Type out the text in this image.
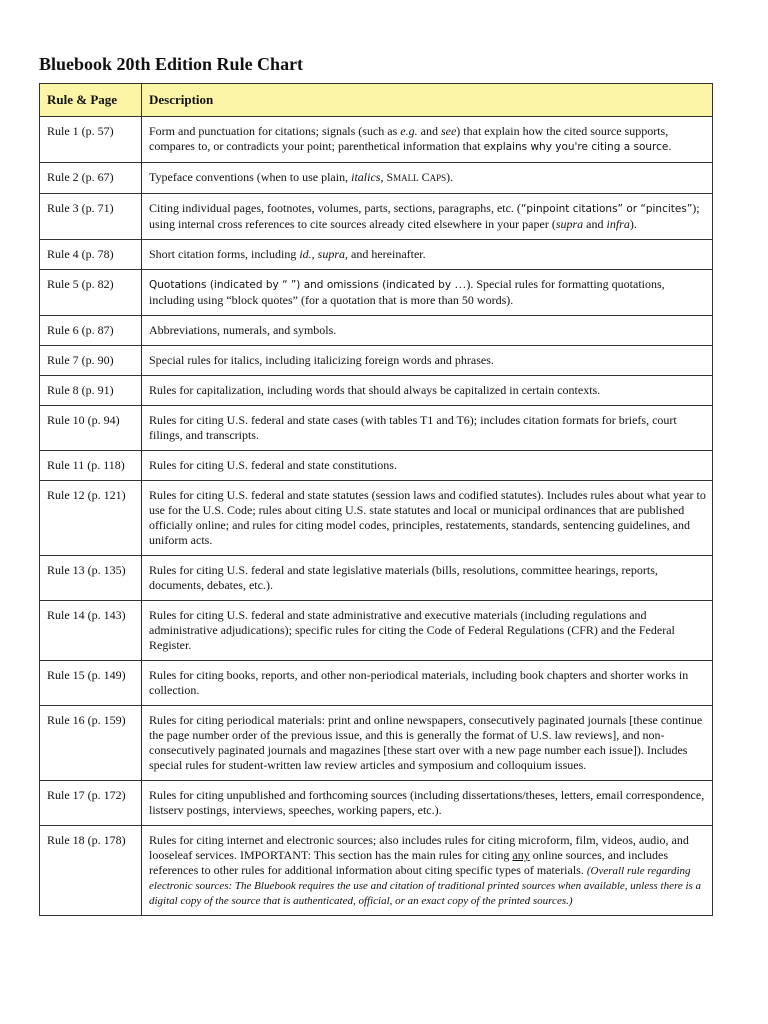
Bluebook 20th Edition Rule Chart
Rule & Page	Description
Rule 1 (p. 57)	Form and punctuation for citations; signals (such as e.g. and see) that explain how the cited source supports, compares to, or contradicts your point; parenthetical information that explains why you're citing a source.
Rule 2 (p. 67)	Typeface conventions (when to use plain, italics, SMALL CAPS).
Rule 3 (p. 71)	Citing individual pages, footnotes, volumes, parts, sections, paragraphs, etc. (“pinpoint citations” or “pincites”); using internal cross references to cite sources already cited elsewhere in your paper (supra and infra).
Rule 4 (p. 78)	Short citation forms, including id., supra, and hereinafter.
Rule 5 (p. 82)	Quotations (indicated by “ ”) and omissions (indicated by …). Special rules for formatting quotations, including using “block quotes” (for a quotation that is more than 50 words).
Rule 6 (p. 87)	Abbreviations, numerals, and symbols.
Rule 7 (p. 90)	Special rules for italics, including italicizing foreign words and phrases.
Rule 8 (p. 91)	Rules for capitalization, including words that should always be capitalized in certain contexts.
Rule 10 (p. 94)	Rules for citing U.S. federal and state cases (with tables T1 and T6); includes citation formats for briefs, court filings, and transcripts.
Rule 11 (p. 118)	Rules for citing U.S. federal and state constitutions.
Rule 12 (p. 121)	Rules for citing U.S. federal and state statutes (session laws and codified statutes). Includes rules about what year to use for the U.S. Code; rules about citing U.S. state statutes and local or municipal ordinances that are published officially online; and rules for citing model codes, principles, restatements, standards, sentencing guidelines, and uniform acts.
Rule 13 (p. 135)	Rules for citing U.S. federal and state legislative materials (bills, resolutions, committee hearings, reports, documents, debates, etc.).
Rule 14 (p. 143)	Rules for citing U.S. federal and state administrative and executive materials (including regulations and administrative adjudications); specific rules for citing the Code of Federal Regulations (CFR) and the Federal Register.
Rule 15 (p. 149)	Rules for citing books, reports, and other non-periodical materials, including book chapters and shorter works in collection.
Rule 16 (p. 159)	Rules for citing periodical materials: print and online newspapers, consecutively paginated journals [these continue the page number order of the previous issue, and this is generally the format of U.S. law reviews], and non-consecutively paginated journals and magazines [these start over with a new page number each issue]). Includes special rules for student-written law review articles and symposium and colloquium issues.
Rule 17 (p. 172)	Rules for citing unpublished and forthcoming sources (including dissertations/theses, letters, email correspondence, listserv postings, interviews, speeches, working papers, etc.).
Rule 18 (p. 178)	Rules for citing internet and electronic sources; also includes rules for citing microform, film, videos, audio, and looseleaf services. IMPORTANT: This section has the main rules for citing any online sources, and includes references to other rules for additional information about citing specific types of materials. (Overall rule regarding electronic sources: The Bluebook requires the use and citation of traditional printed sources when available, unless there is a digital copy of the source that is authenticated, official, or an exact copy of the printed sources.)
